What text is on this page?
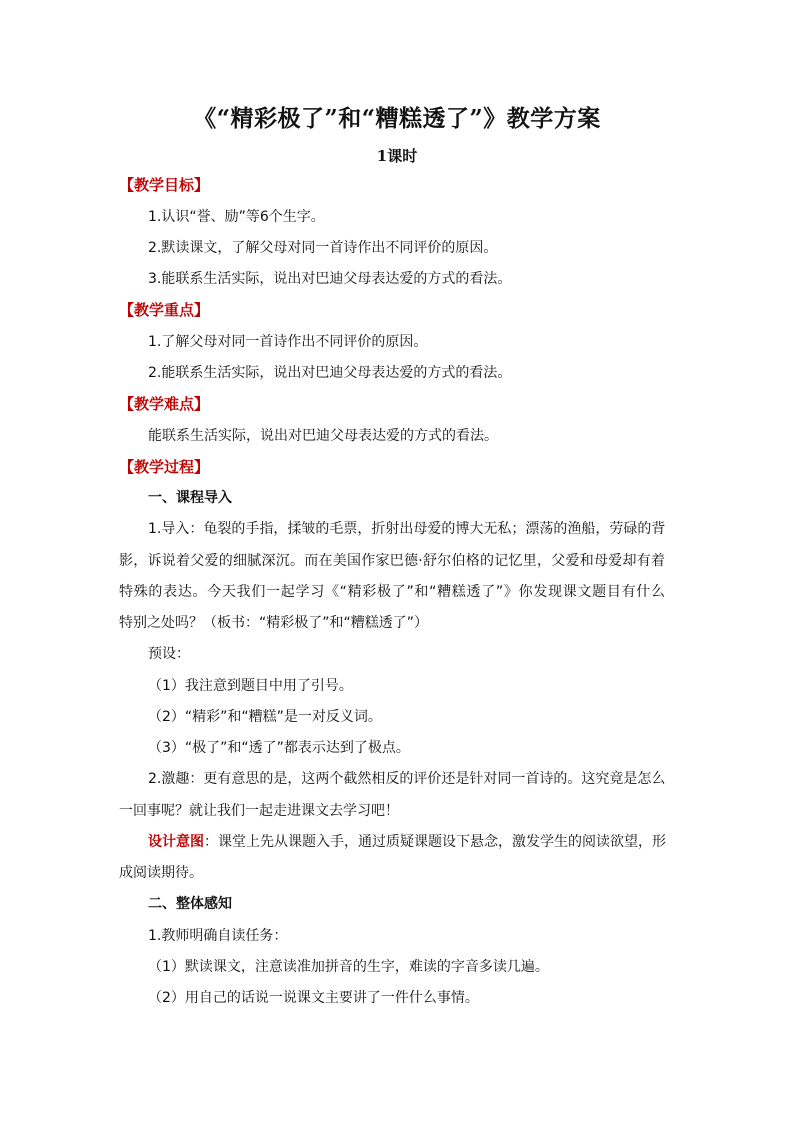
《“精彩极了”和“糟糕透了”》教学方案
1课时
【教学目标】
1.认识“誉、励”等6个生字。
2.默读课文，了解父母对同一首诗作出不同评价的原因。
3.能联系生活实际，说出对巴迪父母表达爱的方式的看法。
【教学重点】
1.了解父母对同一首诗作出不同评价的原因。
2.能联系生活实际，说出对巴迪父母表达爱的方式的看法。
【教学难点】
能联系生活实际，说出对巴迪父母表达爱的方式的看法。
【教学过程】
一、课程导入
1.导入：龟裂的手指，揉皱的毛票，折射出母爱的博大无私；漂荡的渔船，劳碌的背
影，诉说着父爱的细腻深沉。而在美国作家巴德·舒尔伯格的记忆里，父爱和母爱却有着
特殊的表达。今天我们一起学习《“精彩极了”和“糟糕透了”》你发现课文题目有什么
特别之处吗？（板书：“精彩极了”和“糟糕透了”）
预设：
（1）我注意到题目中用了引号。
（2）“精彩”和“糟糕”是一对反义词。
（3）“极了”和“透了”都表示达到了极点。
2.激趣：更有意思的是，这两个截然相反的评价还是针对同一首诗的。这究竟是怎么
一回事呢？就让我们一起走进课文去学习吧！
设计意图：课堂上先从课题入手，通过质疑课题设下悬念，激发学生的阅读欲望，形
成阅读期待。
二、整体感知
1.教师明确自读任务：
（1）默读课文，注意读准加拼音的生字，难读的字音多读几遍。
（2）用自己的话说一说课文主要讲了一件什么事情。
